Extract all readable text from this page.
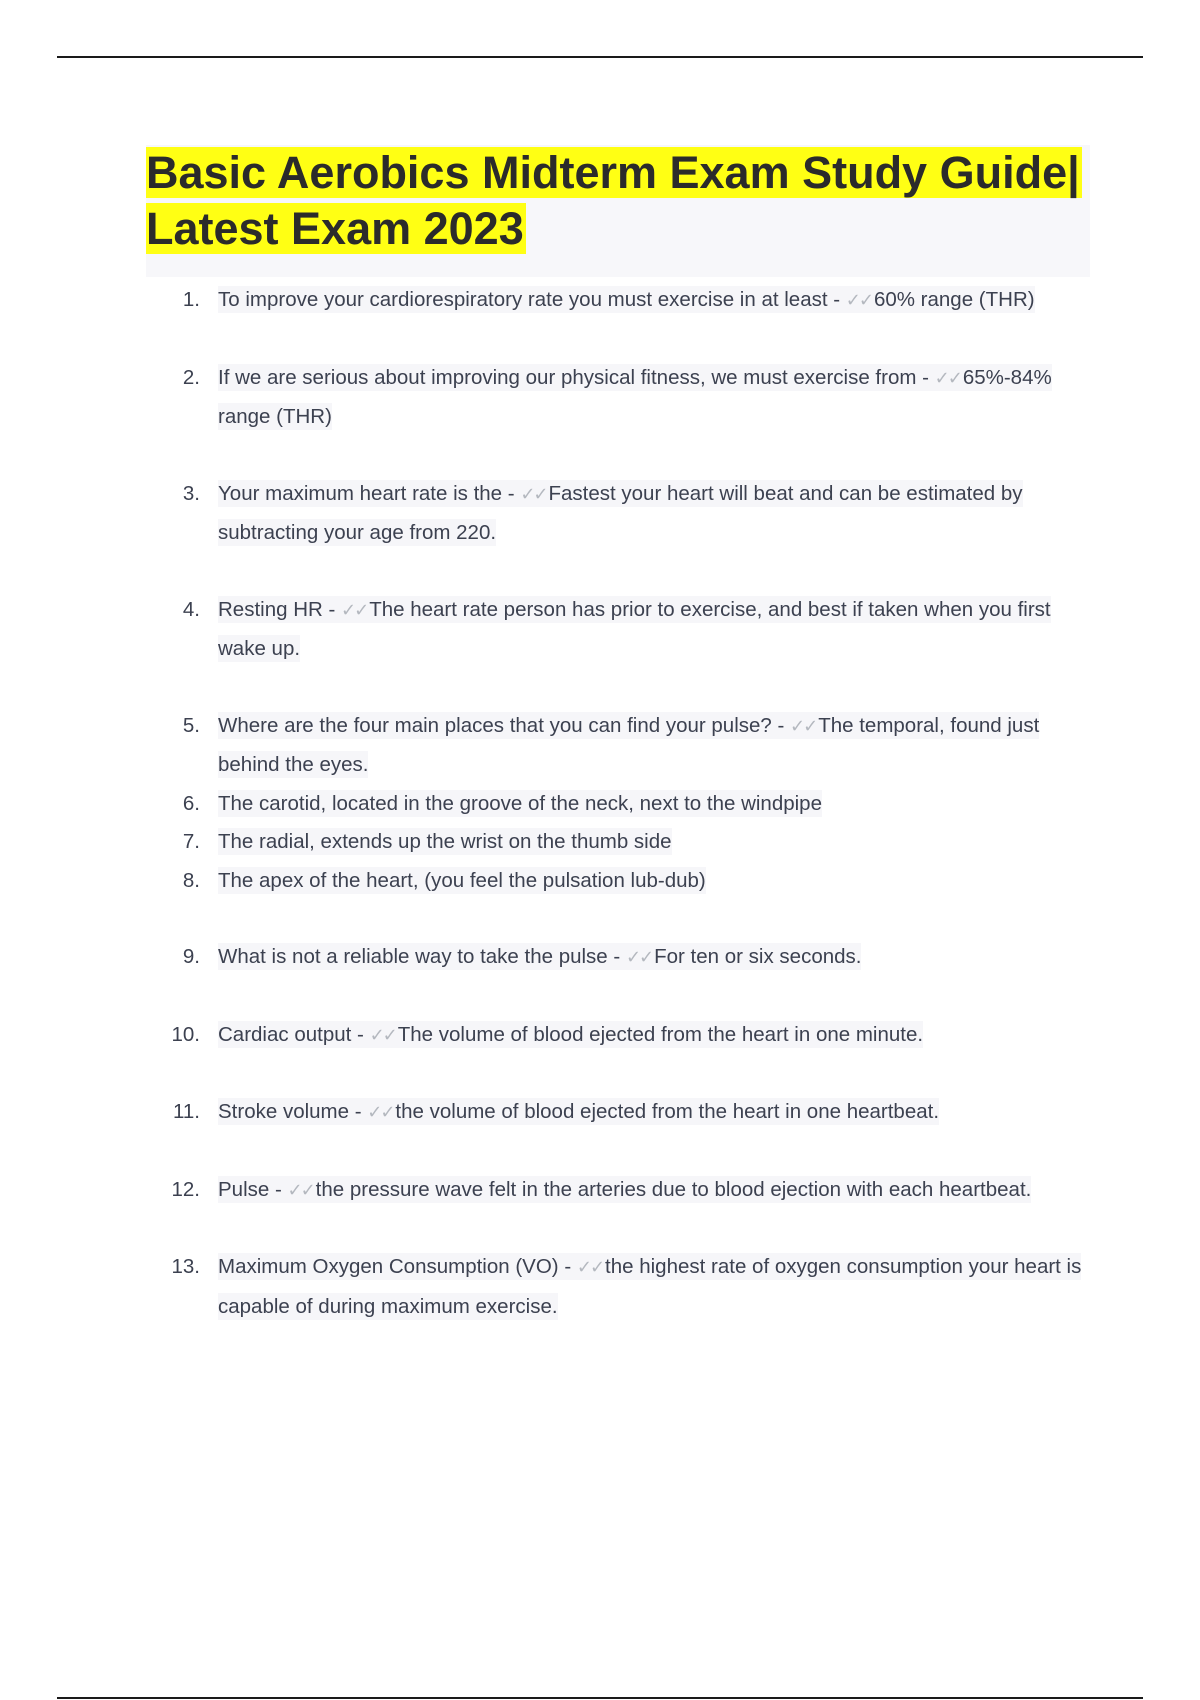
Basic Aerobics Midterm Exam Study Guide| Latest Exam 2023
1. To improve your cardiorespiratory rate you must exercise in at least - ✓✓60% range (THR)
2. If we are serious about improving our physical fitness, we must exercise from - ✓✓65%-84% range (THR)
3. Your maximum heart rate is the - ✓✓Fastest your heart will beat and can be estimated by subtracting your age from 220.
4. Resting HR - ✓✓The heart rate person has prior to exercise, and best if taken when you first wake up.
5. Where are the four main places that you can find your pulse? - ✓✓The temporal, found just behind the eyes.
6. The carotid, located in the groove of the neck, next to the windpipe
7. The radial, extends up the wrist on the thumb side
8. The apex of the heart, (you feel the pulsation lub-dub)
9. What is not a reliable way to take the pulse - ✓✓For ten or six seconds.
10. Cardiac output - ✓✓The volume of blood ejected from the heart in one minute.
11. Stroke volume - ✓✓the volume of blood ejected from the heart in one heartbeat.
12. Pulse - ✓✓the pressure wave felt in the arteries due to blood ejection with each heartbeat.
13. Maximum Oxygen Consumption (VO) - ✓✓the highest rate of oxygen consumption your heart is capable of during maximum exercise.
